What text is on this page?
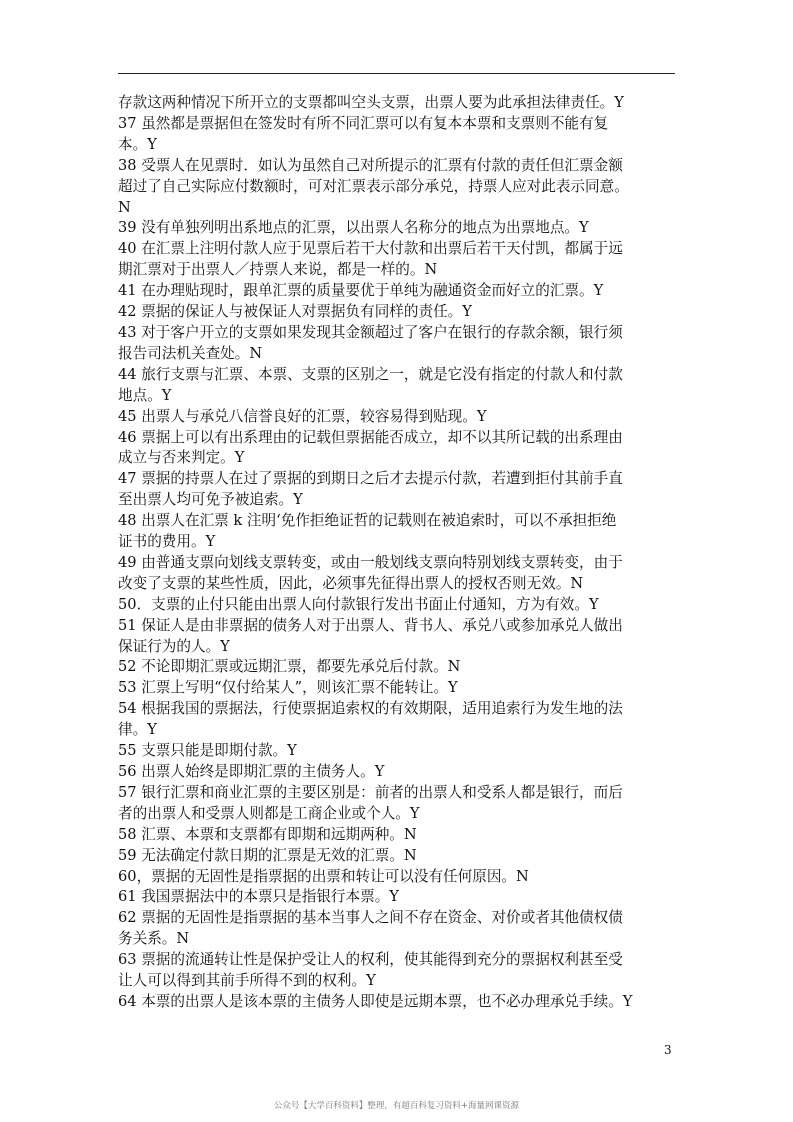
存款这两种情况下所开立的支票都叫空头支票，出票人要为此承担法律责任。Y

37 虽然都是票据但在签发时有所不同汇票可以有复本本票和支票则不能有复

本。Y

38 受票人在见票时．如认为虽然自己对所提示的汇票有付款的责任但汇票金额

超过了自己实际应付数额时，可对汇票表示部分承兑，持票人应对此表示同意。

N

39 没有单独列明出系地点的汇票，以出票人名称分的地点为出票地点。Y

40 在汇票上注明付款人应于见票后若干大付款和出票后若干天付凯，都属于远

期汇票对于出票人／持票人来说，都是一样的。N

41 在办理贴现时，跟单汇票的质量要优于单纯为融通资金而好立的汇票。Y

42 票据的保证人与被保证人对票据负有同样的责任。Y

43 对于客户开立的支票如果发现其金额超过了客户在银行的存款余额，银行须

报告司法机关查处。N

44 旅行支票与汇票、本票、支票的区别之一，就是它没有指定的付款人和付款

地点。Y

45 出票人与承兑八信誉良好的汇票，较容易得到贴现。Y

46 票据上可以有出系理由的记载但票据能否成立，却不以其所记载的出系理由

成立与否来判定。Y

47 票据的持票人在过了票据的到期日之后才去提示付款，若遭到拒付其前手直

至出票人均可免予被追索。Y

48 出票人在汇票 k 注明‘免作拒绝证哲的记载则在被追索时，可以不承担拒绝

证书的费用。Y

49 由普通支票向划线支票转变，或由一般划线支票向特别划线支票转变，由于

改变了支票的某些性质，因此，必须事先征得出票人的授权否则无效。N

50．支票的止付只能由出票人向付款银行发出书面止付通知，方为有效。Y

51 保证人是由非票据的债务人对于出票人、背书人、承兑八或参加承兑人做出

保证行为的人。Y

52 不论即期汇票或远期汇票，都要先承兑后付款。N

53 汇票上写明“仅付给某人”，则该汇票不能转让。Y

54 根据我国的票据法，行使票据追索权的有效期限，适用追索行为发生地的法

律。Y

55 支票只能是即期付款。Y

56 出票人始终是即期汇票的主债务人。Y

57 银行汇票和商业汇票的主要区别是：前者的出票人和受系人都是银行，而后

者的出票人和受票人则都是工商企业或个人。Y

58 汇票、本票和支票都有即期和远期两种。N

59 无法确定付款日期的汇票是无效的汇票。N

60，票据的无固性是指票据的出票和转让可以没有任何原因。N

61 我国票据法中的本票只是指银行本票。Y

62 票据的无固性是指票据的基本当事人之间不存在资金、对价或者其他债权债

务关系。N

63 票据的流通转让性是保护受让人的权利，使其能得到充分的票据权利甚至受

让人可以得到其前手所得不到的权利。Y

64 本票的出票人是该本票的主债务人即使是远期本票，也不必办理承兑手续。Y

3
公众号【大学百科资料】整理，有超百科复习资料+海量网课资源
